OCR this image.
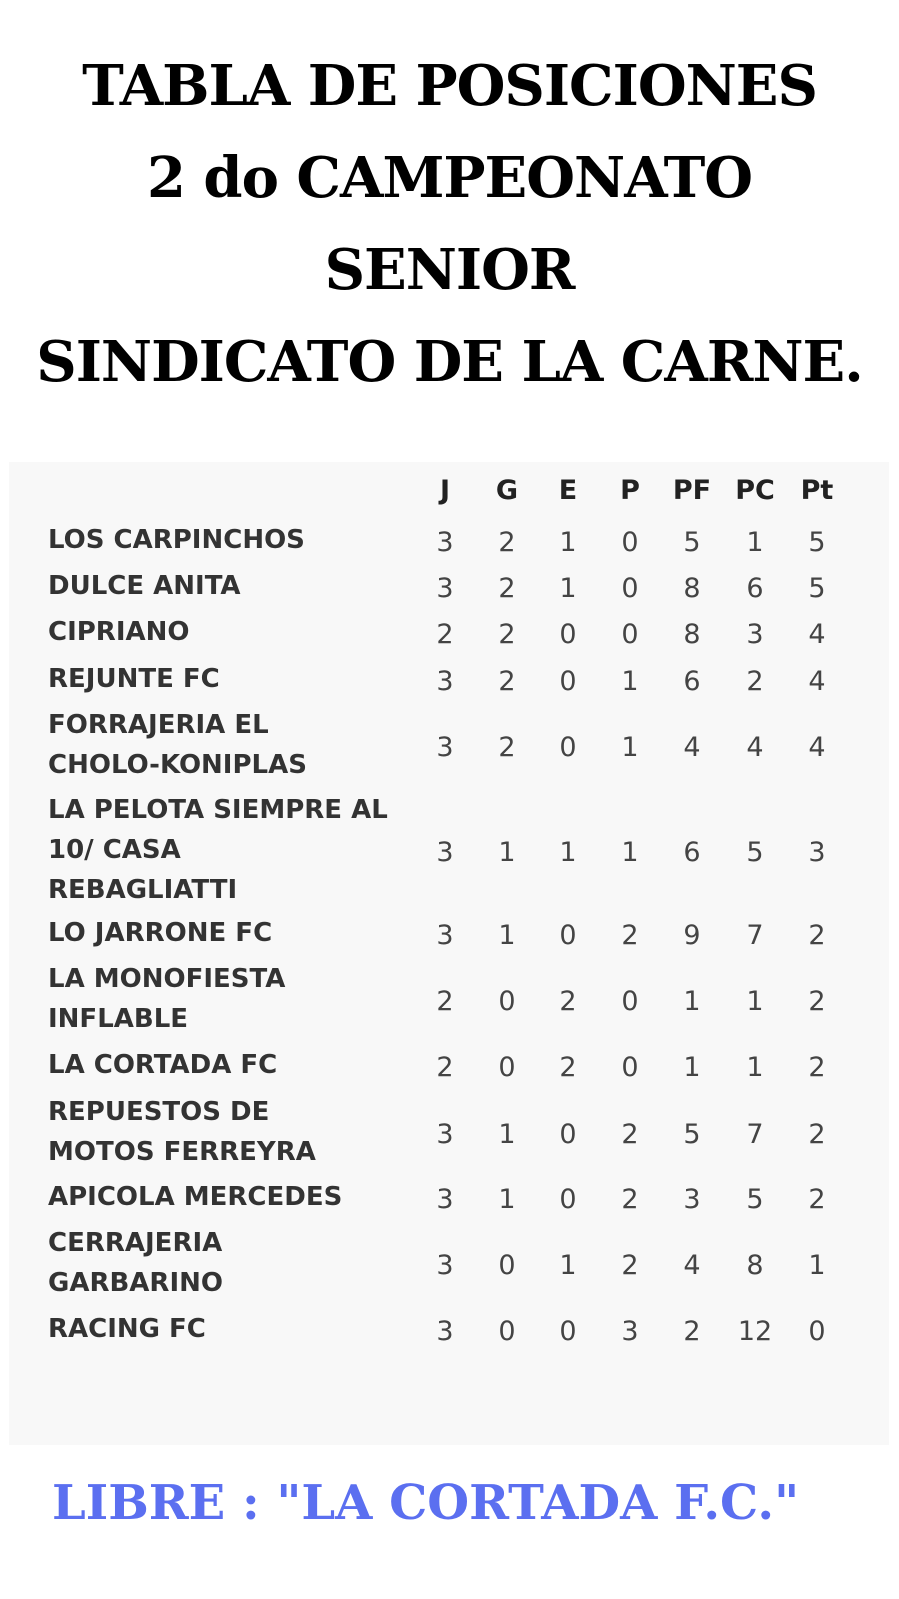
TABLA DE POSICIONES
2 do CAMPEONATO
SENIOR
SINDICATO DE LA CARNE.
J	G	E	P	PF PC Pt
LOS CARPINCHOS	3	2	1	0	5	1	5
DULCE ANITA	3	2	1	0	8	6	5
CIPRIANO	2	2	0	0	8	3	4
REJUNTE FC	3	2	0	1	6	2	4
FORRAJERIA EL
CHOLO-KONIPLAS
3	2	0	1	4	4	4
LA PELOTA SIEMPRE AL
10/ CASA
REBAGLIATTI
3	1	1	1	6	5	3
LO JARRONE FC	3	1	0	2	9	7	2
LA MONOFIESTA
INFLABLE
2	0	2	0	1	1	2
LA CORTADA FC	2	0	2	0	1	1	2
REPUESTOS DE
MOTOS FERREYRA
3	1	0	2	5	7	2
APICOLA MERCEDES	3	1	0	2	3	5	2
CERRAJERIA
GARBARINO
3	0	1	2	4	8	1
RACING FC	3	0	0	3	2	12	0
LIBRE : "LA CORTADA F.C."
